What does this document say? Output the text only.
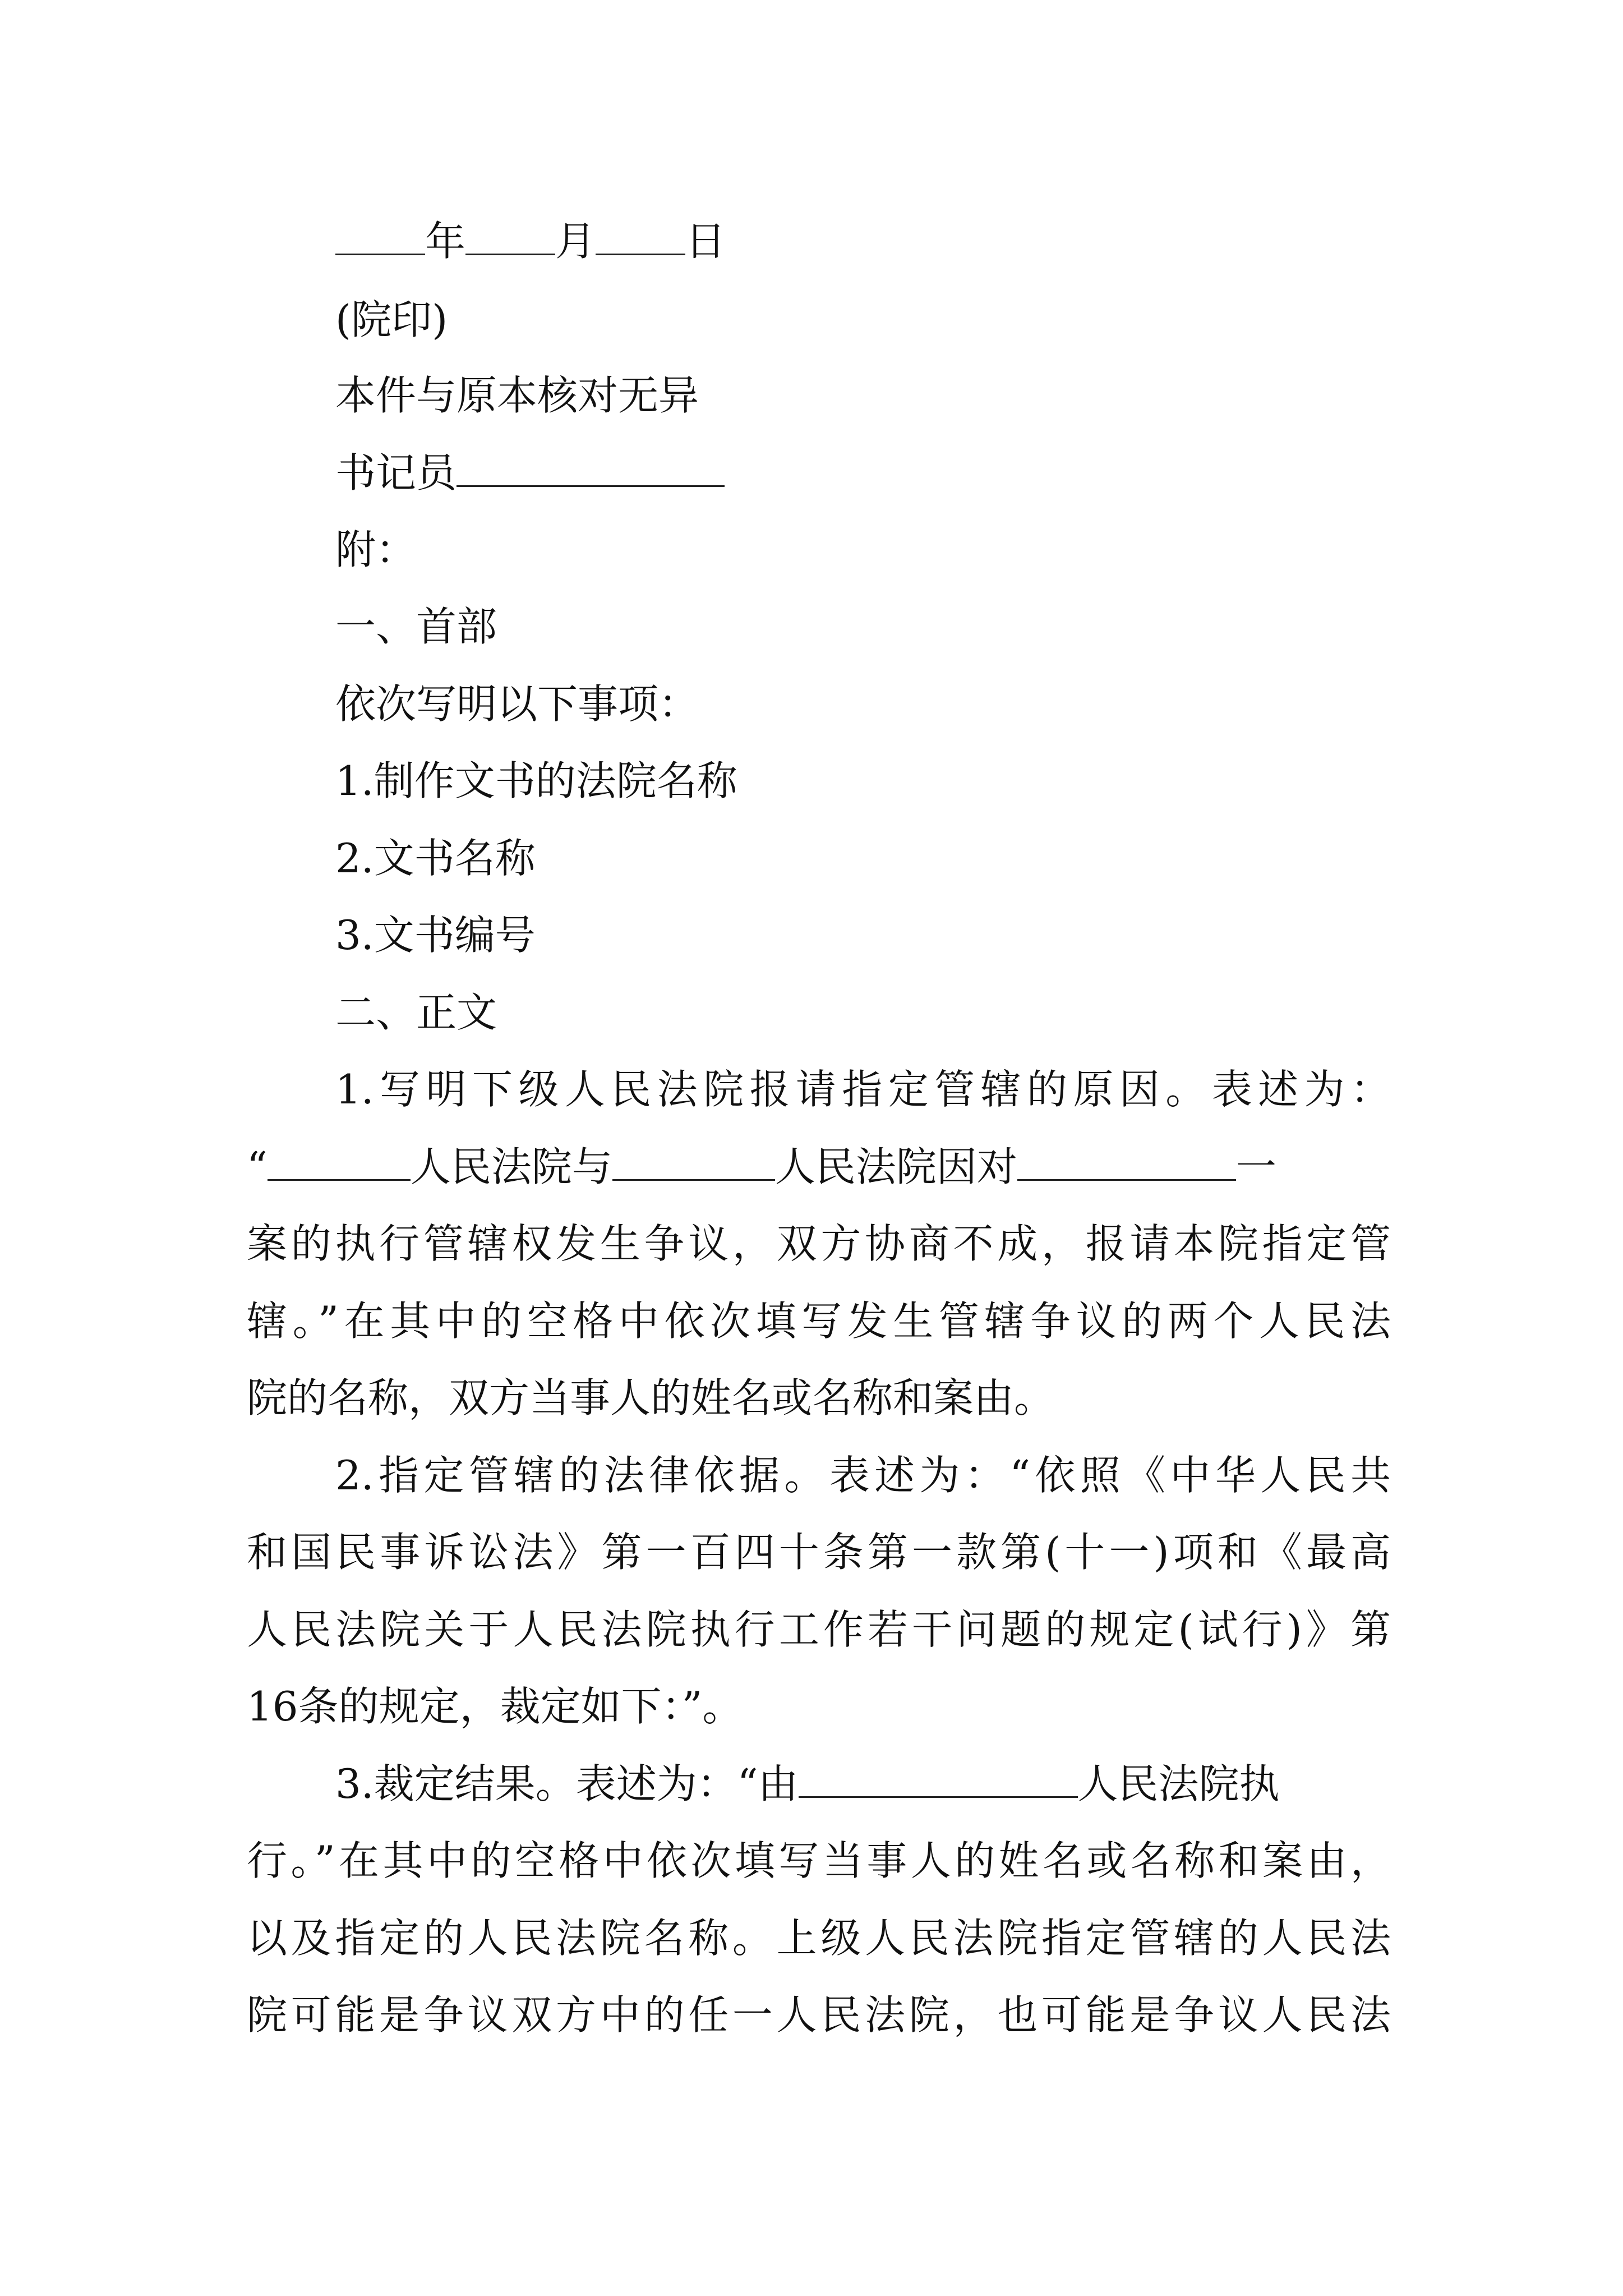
年 月 日
(院印)
本件与原本核对无异
书记员
附：
一、首部
依次写明以下事项：
1.制作文书的法院名称
2.文书名称
3.文书编号
二、正文
1.写明下级人民法院报请指定管辖的原因。表述为：
“	人民法院与	人民法院因对	一
案的执行管辖权发生争议，双方协商不成，报请本院指定管
辖。”在其中的空格中依次填写发生管辖争议的两个人民法
院的名称，双方当事人的姓名或名称和案由。
2.指定管辖的法律依据。表述为：“依照《中华人民共
和国民事诉讼法》第一百四十条第一款第(十一)项和《最高
人民法院关于人民法院执行工作若干问题的规定(试行)》第
16条的规定，裁定如下：”。
3.裁定结果。表述为：“由	人民法院执
行。”在其中的空格中依次填写当事人的姓名或名称和案由，
以及指定的人民法院名称。上级人民法院指定管辖的人民法
院可能是争议双方中的任一人民法院，也可能是争议人民法
